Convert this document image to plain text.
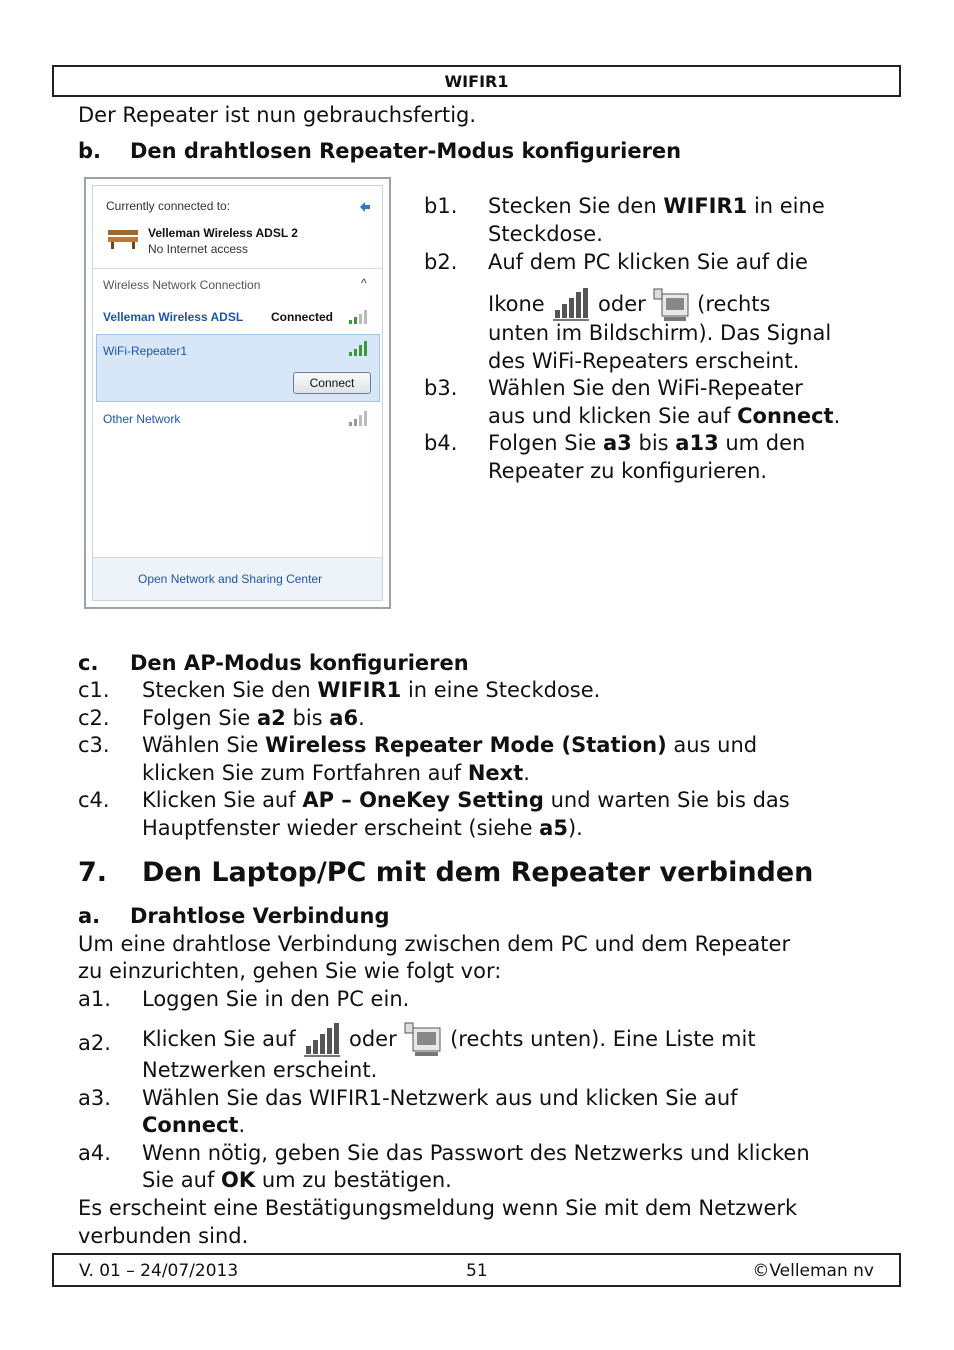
WIFIR1
Der Repeater ist nun gebrauchsfertig.
b. Den drahtlosen Repeater-Modus konfigurieren
Currently connected to:
Velleman Wireless ADSL 2
No Internet access
Wireless Network Connection	^
Velleman Wireless ADSL Connected
WiFi-Repeater1
Connect
Other Network
Open Network and Sharing Center
b1. Stecken Sie den WIFIR1 in eine
Steckdose.
b2. Auf dem PC klicken Sie auf die
Ikone  oder  (rechts
unten im Bildschirm). Das Signal
des WiFi-Repeaters erscheint.
b3. Wählen Sie den WiFi-Repeater
aus und klicken Sie auf Connect.
b4. Folgen Sie a3 bis a13 um den
Repeater zu konfigurieren.
c. Den AP-Modus konfigurieren
c1. Stecken Sie den WIFIR1 in eine Steckdose.
c2. Folgen Sie a2 bis a6.
c3. Wählen Sie Wireless Repeater Mode (Station) aus und
klicken Sie zum Fortfahren auf Next.
c4. Klicken Sie auf AP – OneKey Setting und warten Sie bis das
Hauptfenster wieder erscheint (siehe a5).
7. Den Laptop/PC mit dem Repeater verbinden
a. Drahtlose Verbindung
Um eine drahtlose Verbindung zwischen dem PC und dem Repeater
zu einzurichten, gehen Sie wie folgt vor:
a1. Loggen Sie in den PC ein.
a2. Klicken Sie auf  oder  (rechts unten). Eine Liste mit
Netzwerken erscheint.
a3. Wählen Sie das WIFIR1-Netzwerk aus und klicken Sie auf
Connect.
a4. Wenn nötig, geben Sie das Passwort des Netzwerks und klicken
Sie auf OK um zu bestätigen.
Es erscheint eine Bestätigungsmeldung wenn Sie mit dem Netzwerk
verbunden sind.
V. 01 – 24/07/2013	51	©Velleman nv
